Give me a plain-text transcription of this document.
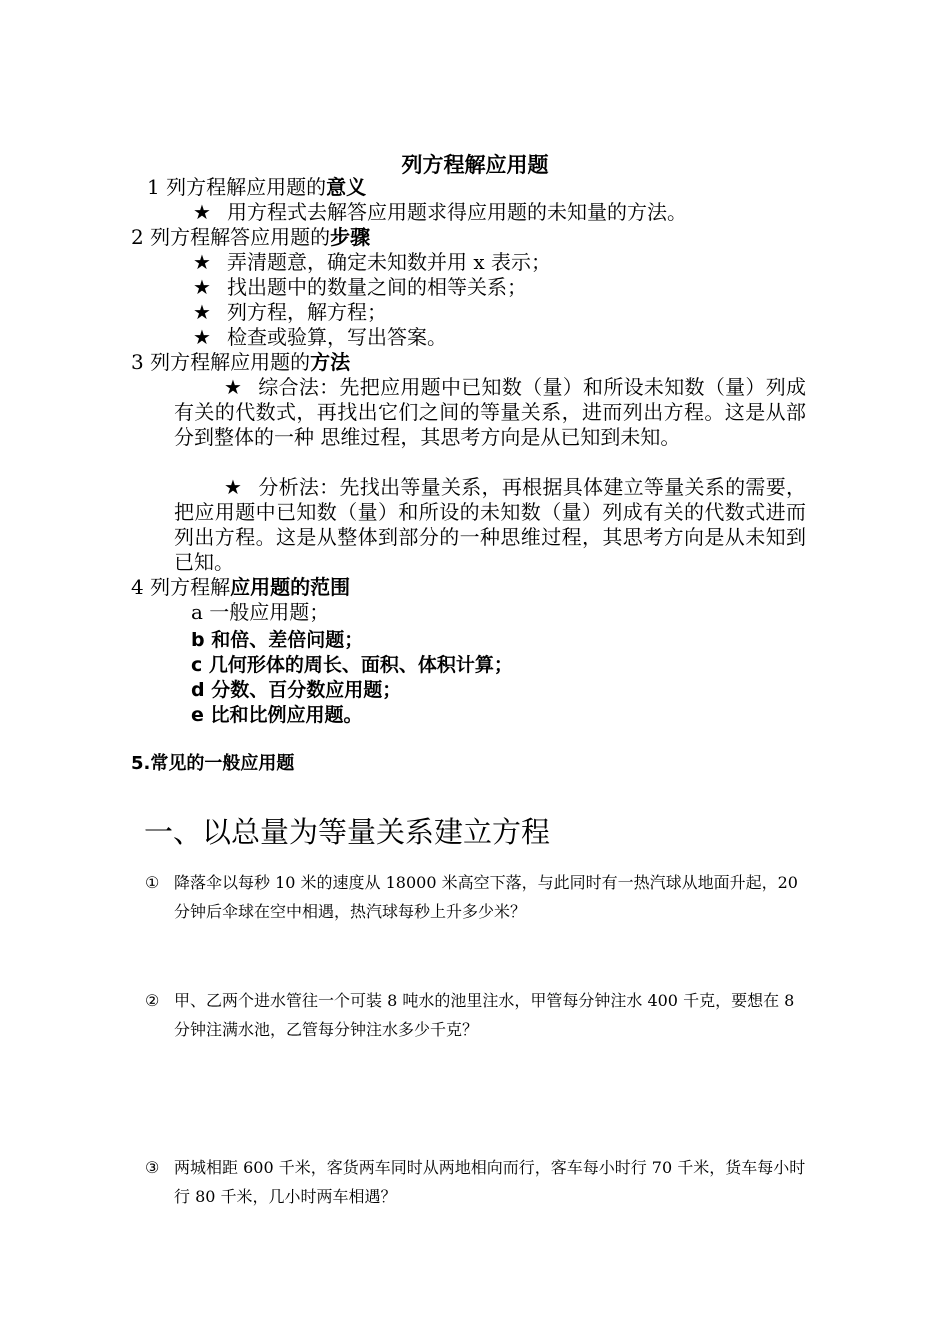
列方程解应用题
1 列方程解应用题的意义
★ 用方程式去解答应用题求得应用题的未知量的方法。
2 列方程解答应用题的步骤
★ 弄清题意，确定未知数并用 x 表示；
★ 找出题中的数量之间的相等关系；
★ 列方程，解方程；
★ 检查或验算，写出答案。
3 列方程解应用题的方法
★ 综合法：先把应用题中已知数（量）和所设未知数（量）列成有关的代数式，再找出它们之间的等量关系，进而列出方程。这是从部分到整体的一种 思维过程，其思考方向是从已知到未知。
★ 分析法：先找出等量关系，再根据具体建立等量关系的需要，把应用题中已知数（量）和所设的未知数（量）列成有关的代数式进而列出方程。这是从整体到部分的一种思维过程，其思考方向是从未知到已知。
4 列方程解应用题的范围
a 一般应用题；
b 和倍、差倍问题；
c 几何形体的周长、面积、体积计算；
d 分数、百分数应用题；
e 比和比例应用题。
5.常见的一般应用题
一、以总量为等量关系建立方程
① 降落伞以每秒 10 米的速度从 18000 米高空下落，与此同时有一热汽球从地面升起，20 分钟后伞球在空中相遇，热汽球每秒上升多少米？
② 甲、乙两个进水管往一个可装 8 吨水的池里注水，甲管每分钟注水 400 千克，要想在 8 分钟注满水池，乙管每分钟注水多少千克？
③ 两城相距 600 千米，客货两车同时从两地相向而行，客车每小时行 70 千米，货车每小时行 80 千米，几小时两车相遇？
